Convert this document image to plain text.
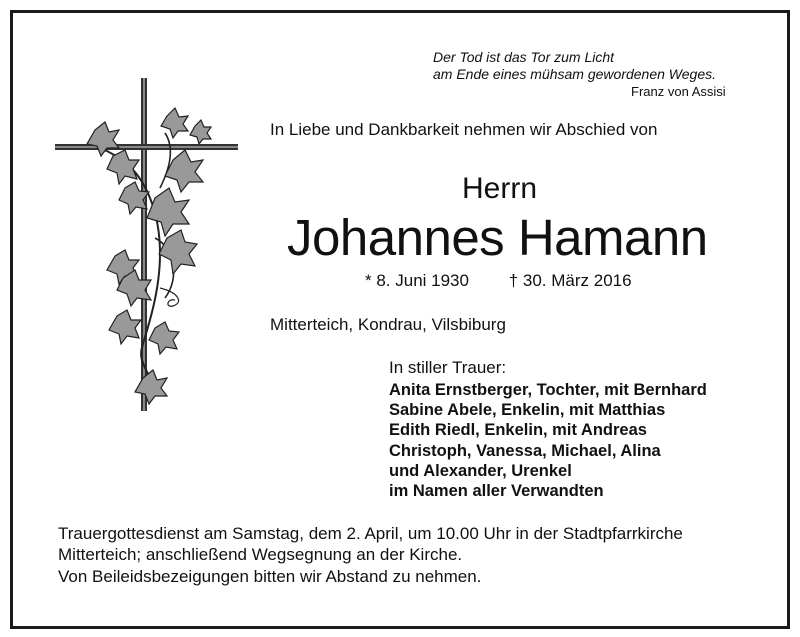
Der Tod ist das Tor zum Licht
am Ende eines mühsam gewordenen Weges.
Franz von Assisi
In Liebe und Dankbarkeit nehmen wir Abschied von
Herrn
Johannes Hamann
* 8. Juni 1930 † 30. März 2016
Mitterteich, Kondrau, Vilsbiburg
In stiller Trauer:
Anita Ernstberger, Tochter, mit Bernhard
Sabine Abele, Enkelin, mit Matthias
Edith Riedl, Enkelin, mit Andreas
Christoph, Vanessa, Michael, Alina
und Alexander, Urenkel
im Namen aller Verwandten
Trauergottesdienst am Samstag, dem 2. April, um 10.00 Uhr in der Stadtpfarrkirche
Mitterteich; anschließend Wegsegnung an der Kirche.
Von Beileidsbezeigungen bitten wir Abstand zu nehmen.
